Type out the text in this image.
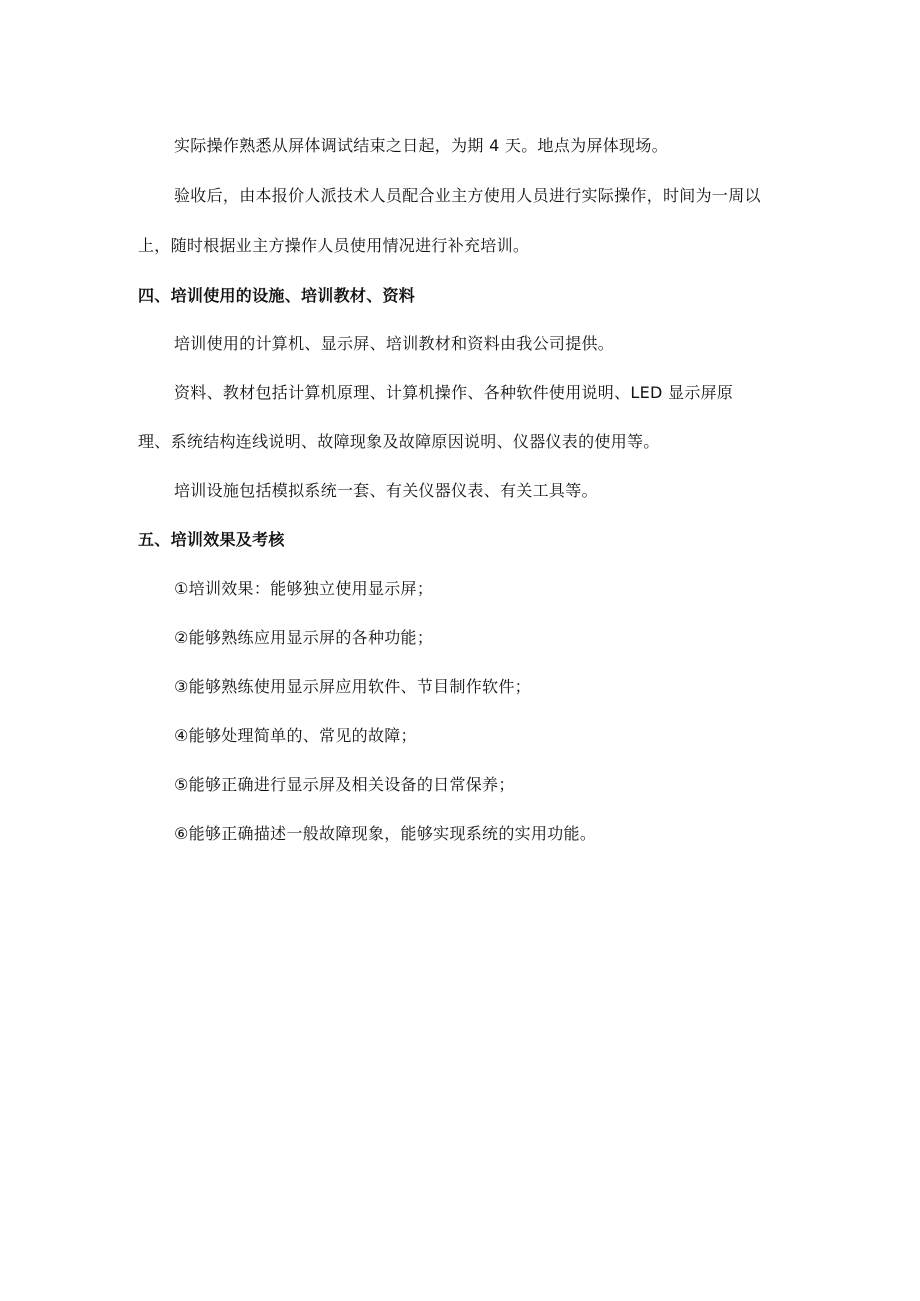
实际操作熟悉从屏体调试结束之日起，为期 4 天。地点为屏体现场。
验收后，由本报价人派技术人员配合业主方使用人员进行实际操作，时间为一周以
上，随时根据业主方操作人员使用情况进行补充培训。
四、培训使用的设施、培训教材、资料
培训使用的计算机、显示屏、培训教材和资料由我公司提供。
资料、教材包括计算机原理、计算机操作、各种软件使用说明、LED 显示屏原
理、系统结构连线说明、故障现象及故障原因说明、仪器仪表的使用等。
培训设施包括模拟系统一套、有关仪器仪表、有关工具等。
五、培训效果及考核
①培训效果：能够独立使用显示屏；
②能够熟练应用显示屏的各种功能；
③能够熟练使用显示屏应用软件、节目制作软件；
④能够处理简单的、常见的故障；
⑤能够正确进行显示屏及相关设备的日常保养；
⑥能够正确描述一般故障现象，能够实现系统的实用功能。
